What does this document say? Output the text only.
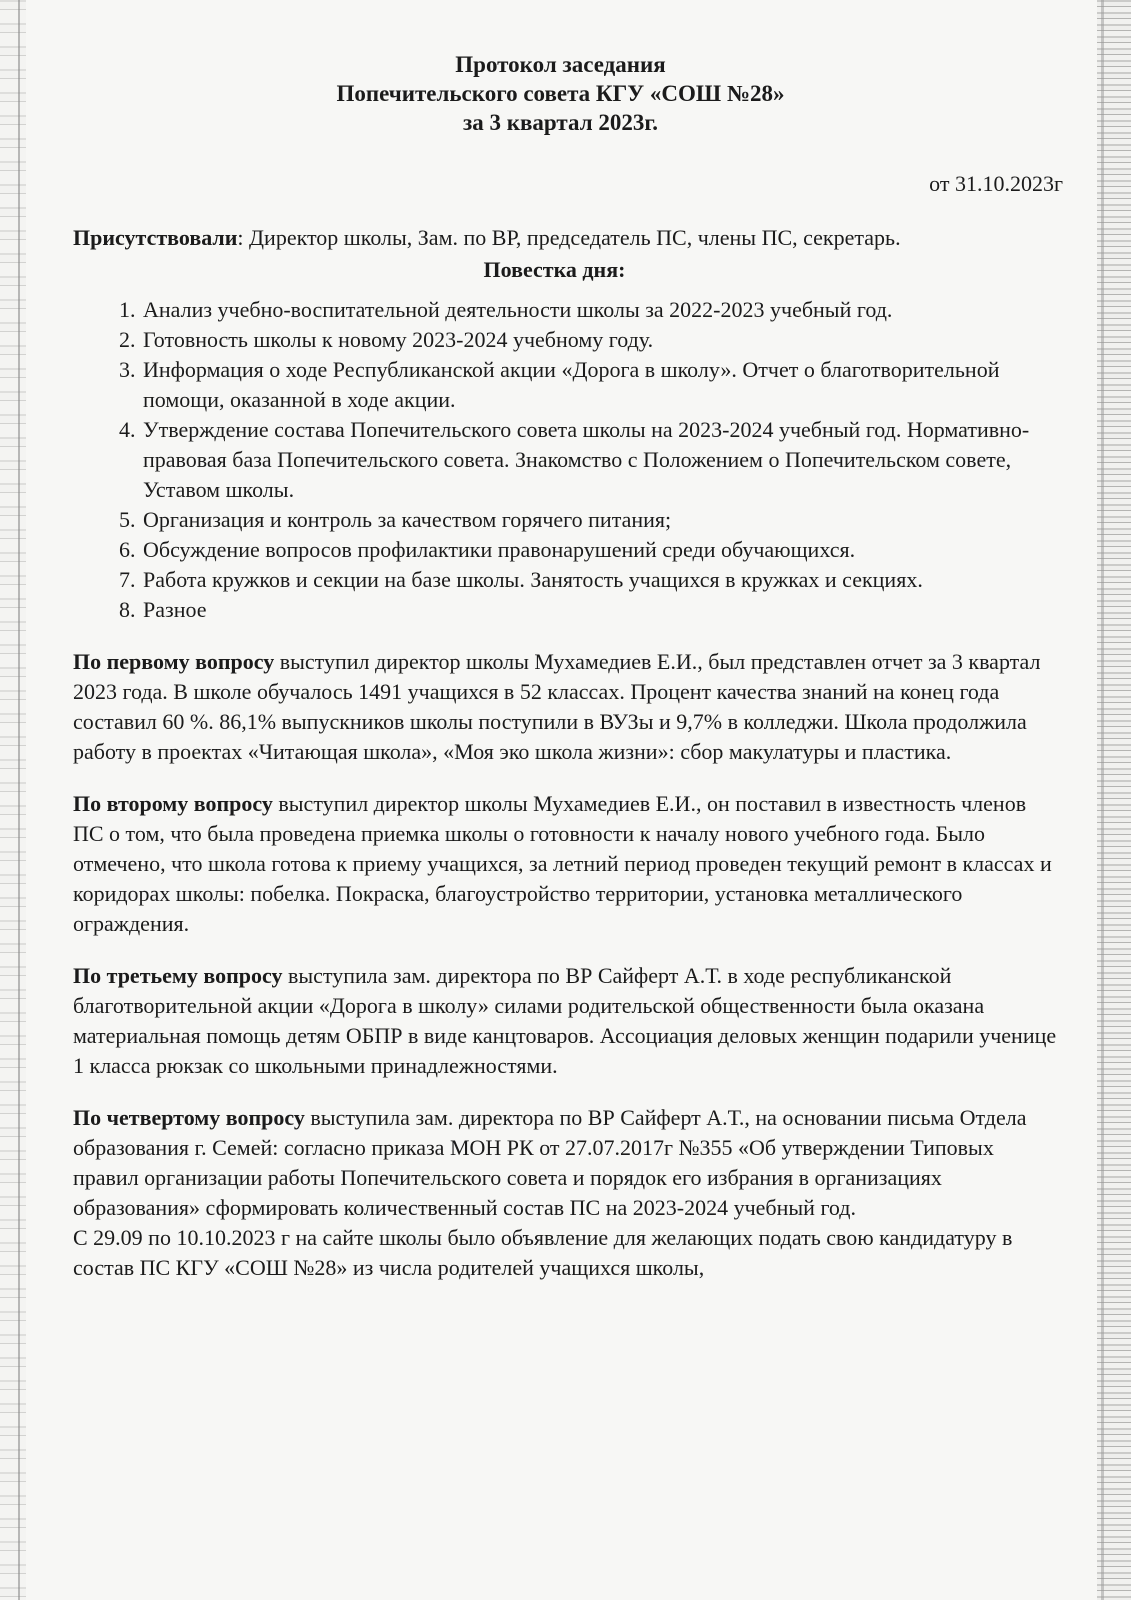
Протокол заседания
Попечительского совета КГУ «СОШ №28»
за 3 квартал 2023г.
от 31.10.2023г

Присутствовали: Директор школы, Зам. по ВР, председатель ПС, члены ПС, секретарь.

Повестка дня:
1. Анализ учебно-воспитательной деятельности школы за 2022-2023 учебный год.
2. Готовность школы к новому 2023-2024 учебному году.
3. Информация о ходе Республиканской акции «Дорога в школу». Отчет о благотворительной помощи, оказанной в ходе акции.
4. Утверждение состава Попечительского совета школы на 2023-2024 учебный год. Нормативно-правовая база Попечительского совета. Знакомство с Положением о Попечительском совете, Уставом школы.
5. Организация и контроль за качеством горячего питания;
6. Обсуждение вопросов профилактики правонарушений среди обучающихся.
7. Работа кружков и секции на базе школы. Занятость учащихся в кружках и секциях.
8. Разное

По первому вопросу выступил директор школы Мухамедиев Е.И., был представлен отчет за 3 квартал 2023 года. В школе обучалось 1491 учащихся в 52 классах. Процент качества знаний на конец года составил 60 %. 86,1% выпускников школы поступили в ВУЗы и 9,7% в колледжи. Школа продолжила работу в проектах «Читающая школа», «Моя эко школа жизни»: сбор макулатуры и пластика.

По второму вопросу выступил директор школы Мухамедиев Е.И., он поставил в известность членов ПС о том, что была проведена приемка школы о готовности к началу нового учебного года. Было отмечено, что школа готова к приему учащихся, за летний период проведен текущий ремонт в классах и коридорах школы: побелка. Покраска, благоустройство территории, установка металлического ограждения.

По третьему вопросу выступила зам. директора по ВР Сайферт А.Т. в ходе республиканской благотворительной акции «Дорога в школу» силами родительской общественности была оказана материальная помощь детям ОБПР в виде канцтоваров. Ассоциация деловых женщин подарили ученице 1 класса рюкзак со школьными принадлежностями.

По четвертому вопросу выступила зам. директора по ВР Сайферт А.Т., на основании письма Отдела образования г. Семей: согласно приказа МОН РК от 27.07.2017г №355 «Об утверждении Типовых правил организации работы Попечительского совета и порядок его избрания в организациях образования» сформировать количественный состав ПС на 2023-2024 учебный год.

С 29.09 по 10.10.2023 г на сайте школы было объявление для желающих подать свою кандидатуру в состав ПС КГУ «СОШ №28» из числа родителей учащихся школы,
